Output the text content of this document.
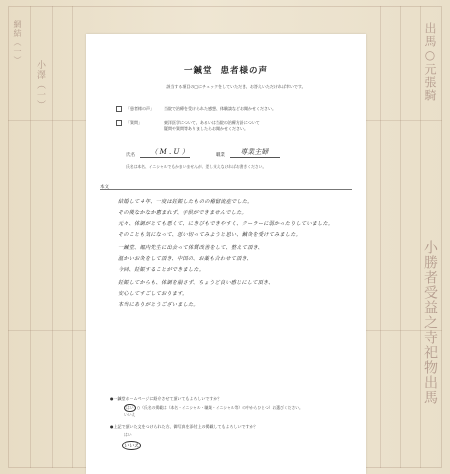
網結（一）
小澤（一）	出馬○元張騎
小勝者受益之寺祀物出馬
一鍼堂 患者様の声
該当する項目の□にチェックをしていただき、お答えいただければ幸いです。
「患者様の声」	当院で治療を受けられた感想、体験談などお聞かせください。
「質問」	東洋医学について、あるいは当院の治療方針について
疑問や質問等ありましたらお聞かせください。
氏名 （ M . U ）	職業 専業主婦
氏名は本名、イニシャルでもかまいませんが、差し支えなければお書きください。
本文
結婚して４年、一度は妊娠したものの稽留流産でした。
その後なかなか恵まれず、子供ができませんでした。
元々、体調がとても悪くて、にきびもできやすく、クーラーに弱かったりしていました。
そのことも気になって、思い切ってみようと思い、鍼灸を受けてみました。
一鍼堂、堀内先生に出会って体質改善をして、整えて頂き、
温かいお灸をして頂き、中国の、お薬も合わせて頂き、
今回、妊娠することができました。
妊娠してからも、体調を崩さず、ちょうど良い感じにして頂き、
安心してすごしております。
本当にありがとうございました。
●一鍼堂ホームページに紹介させて頂いてもよろしいですか？
はい ○（氏名の掲載は（本名・イニシャル・職業・イニシャル等）の中からひとつ）お選びください。
いいえ
●上記で頂いた文をつけられた方、御写真を添付上の掲載してもよろしいですか？
はい
いいえ
